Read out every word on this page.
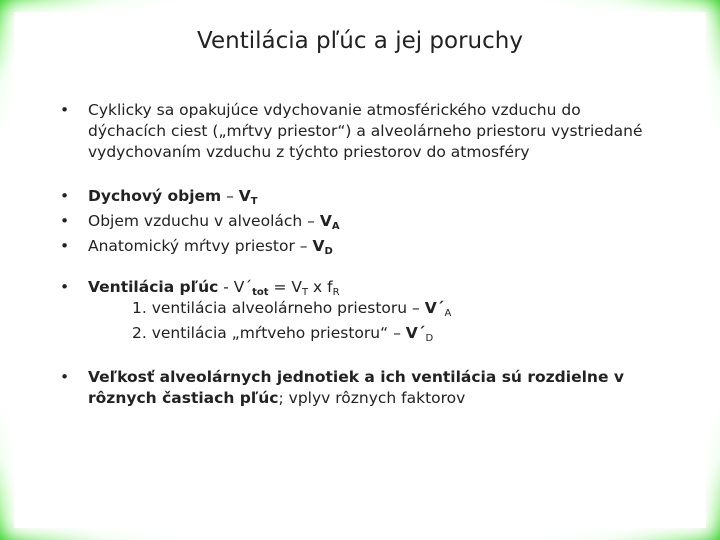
Ventilácia pľúc a jej poruchy

• Cyklicky sa opakujúce vdychovanie atmosférického vzduchu do dýchacích ciest („mŕtvy priestor“) a alveolárneho priestoru vystriedané vydychovaním vzduchu z týchto priestorov do atmosféry

• Dychový objem – $V_T$

• Objem vzduchu v alveolách – $V_A$

• Anatomický mŕtvy priestor – $V_D$

• Ventilácia pľúc - $V´_{tot} = V_T$ x $f_R$

1. ventilácia alveolárneho priestoru – $V´_A$

2. ventilácia „mŕtveho priestoru“ – $V´_D$

• Veľkosť alveolárnych jednotiek a ich ventilácia sú rozdielne v rôznych častiach pľúc; vplyv rôznych faktorov
